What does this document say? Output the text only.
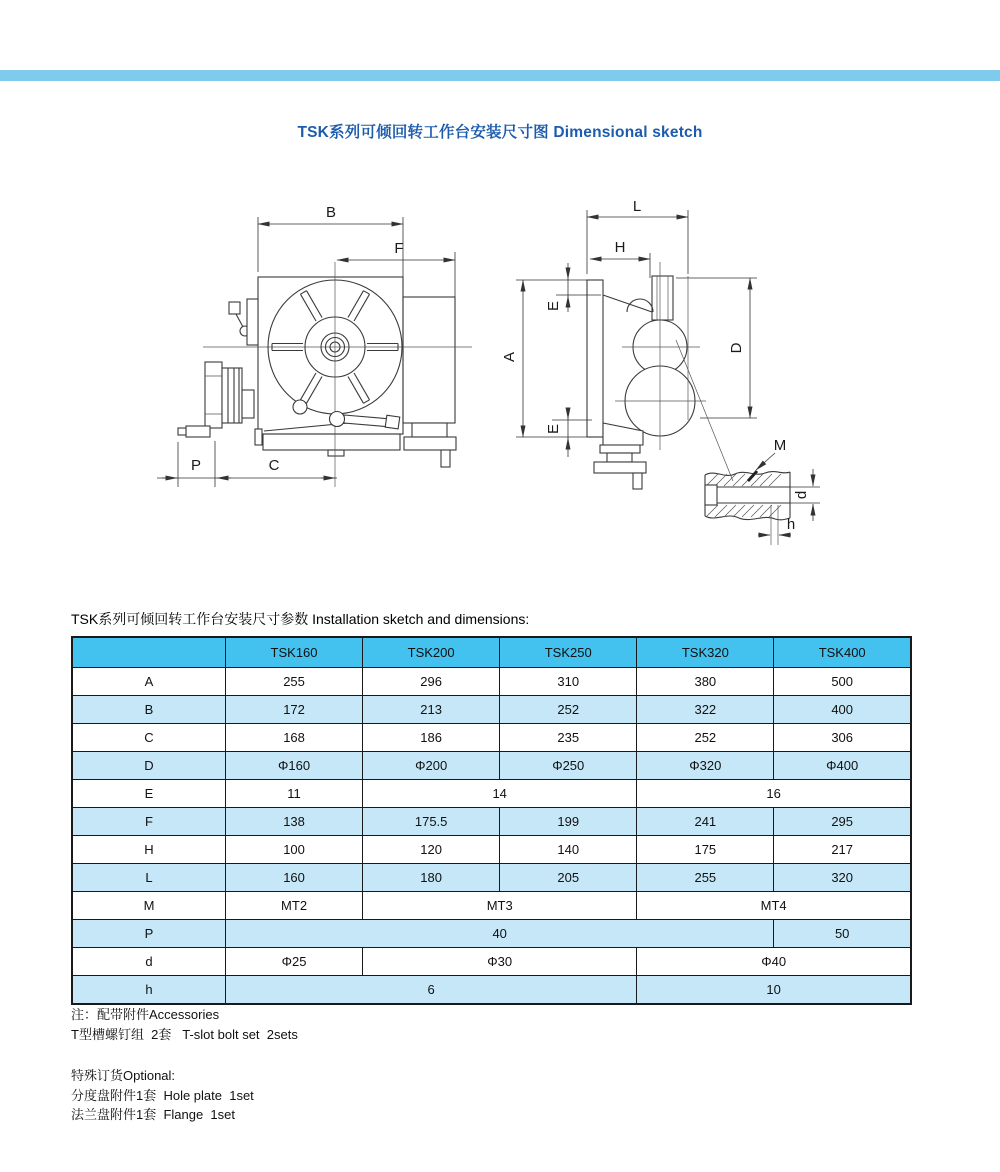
TSK系列可倾回转工作台安装尺寸图 Dimensional sketch
B
F
P	C
L
H
E
A
E
D
M
d
h
TSK系列可倾回转工作台安装尺寸参数 Installation sketch and dimensions:
	TSK160	TSK200	TSK250	TSK320	TSK400
A	255	296	310	380	500
B	172	213	252	322	400
C	168	186	235	252	306
D	Φ160	Φ200	Φ250	Φ320	Φ400
E	11	14		16	
F	138	175.5	199	241	295
H	100	120	140	175	217
L	160	180	205	255	320
M	MT2	MT3		MT4	
P	40				50
d	Φ25	Φ30		Φ40	
h	6			10	
注：配带附件Accessories
T型槽螺钉组  2套   T-slot bolt set  2sets
特殊订货Optional:
分度盘附件1套  Hole plate  1set
法兰盘附件1套  Flange  1set
